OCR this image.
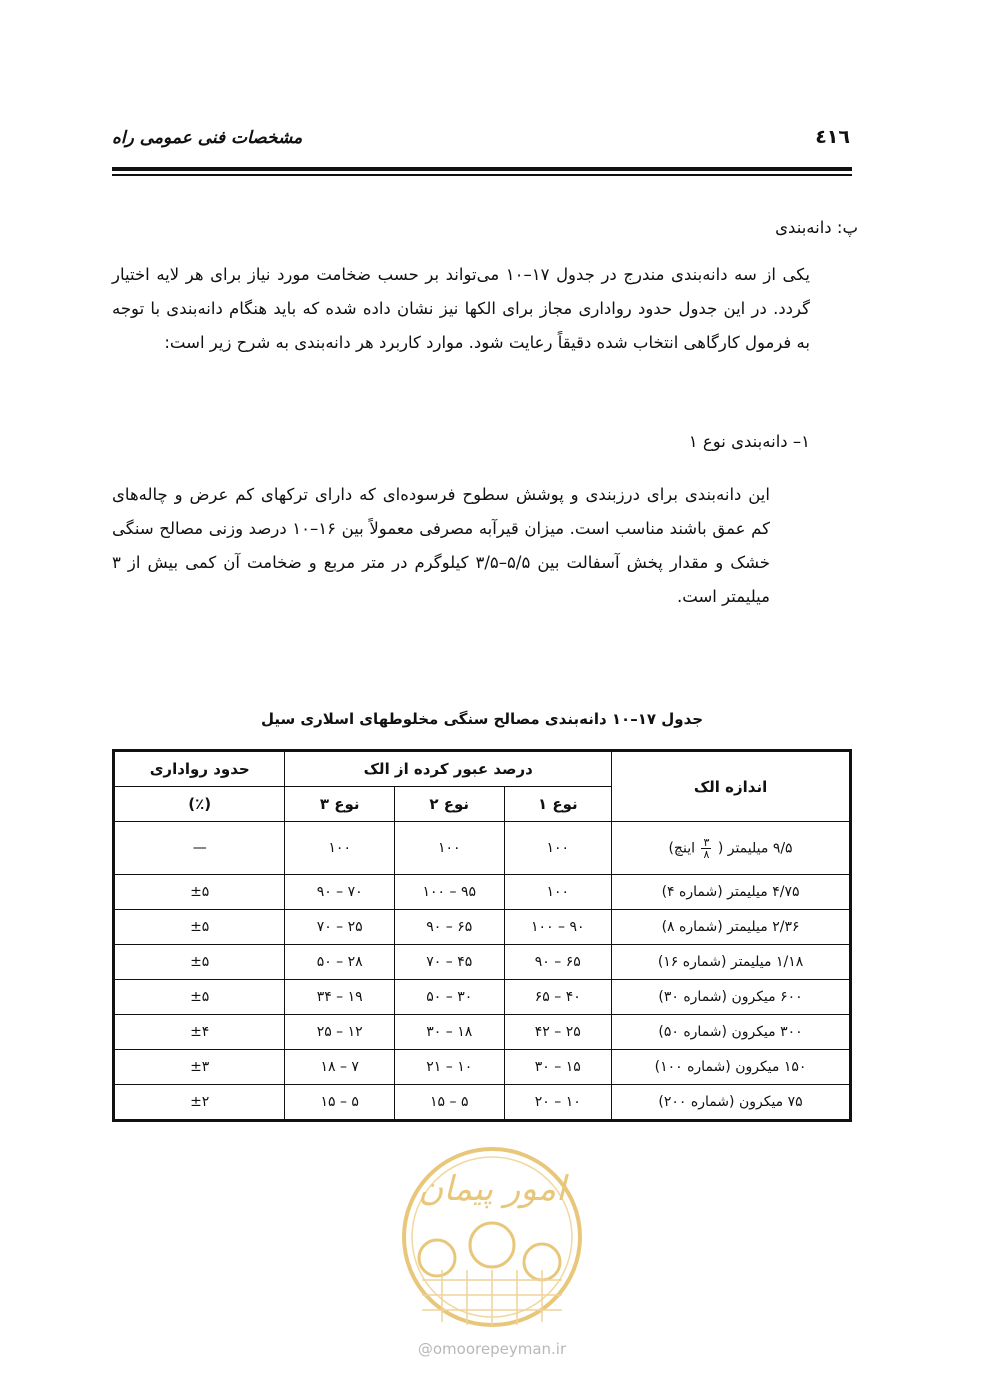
مشخصات فنی عمومی راه	٤١٦
پ: دانه‌بندی
یکی از سه دانه‌بندی مندرج در جدول ۱۷–۱۰ می‌تواند بر حسب ضخامت مورد نیاز برای هر لایه اختیار گردد. در این جدول حدود رواداری مجاز برای الکها نیز نشان داده شده که باید هنگام دانه‌بندی با توجه به فرمول کارگاهی انتخاب شده دقیقاً رعایت شود. موارد کاربرد هر دانه‌بندی به شرح زیر است:
۱– دانه‌بندی نوع ۱
این دانه‌بندی برای درزبندی و پوشش سطوح فرسوده‌ای که دارای ترکهای کم عرض و چاله‌های کم عمق باشند مناسب است. میزان قیرآبه مصرفی معمولاً بین ۱۶–۱۰ درصد وزنی مصالح سنگی خشک و مقدار پخش آسفالت بین ۵/۵–۳/۵ کیلوگرم در متر مربع و ضخامت آن کمی بیش از ۳ میلیمتر است.
جدول ۱۷–۱۰ دانه‌بندی مصالح سنگی مخلوطهای اسلاری سیل
اندازه الک	درصد عبور کرده از الک			حدود رواداری
	نوع ۱	نوع ۲	نوع ۳	(٪)
۹/۵ میلیمتر (
$\frac{۳}{۸}$ اینچ)	۱۰۰	۱۰۰	۱۰۰	—
۴/۷۵ میلیمتر (شماره ۴)	۱۰۰	۹۵ – ۱۰۰	۷۰ – ۹۰	±۵
۲/۳۶ میلیمتر (شماره ۸)	۹۰ – ۱۰۰	۶۵ – ۹۰	۲۵ – ۷۰	±۵
۱/۱۸ میلیمتر (شماره ۱۶)	۶۵ – ۹۰	۴۵ – ۷۰	۲۸ – ۵۰	±۵
۶۰۰ میکرون (شماره ۳۰)	۴۰ – ۶۵	۳۰ – ۵۰	۱۹ – ۳۴	±۵
۳۰۰ میکرون (شماره ۵۰)	۲۵ – ۴۲	۱۸ – ۳۰	۱۲ – ۲۵	±۴
۱۵۰ میکرون (شماره ۱۰۰)	۱۵ – ۳۰	۱۰ – ۲۱	۷ – ۱۸	±۳
۷۵ میکرون (شماره ۲۰۰)	۱۰ – ۲۰	۵ – ۱۵	۵ – ۱۵	±۲
امور پیمان
@omoorepeyman.ir
